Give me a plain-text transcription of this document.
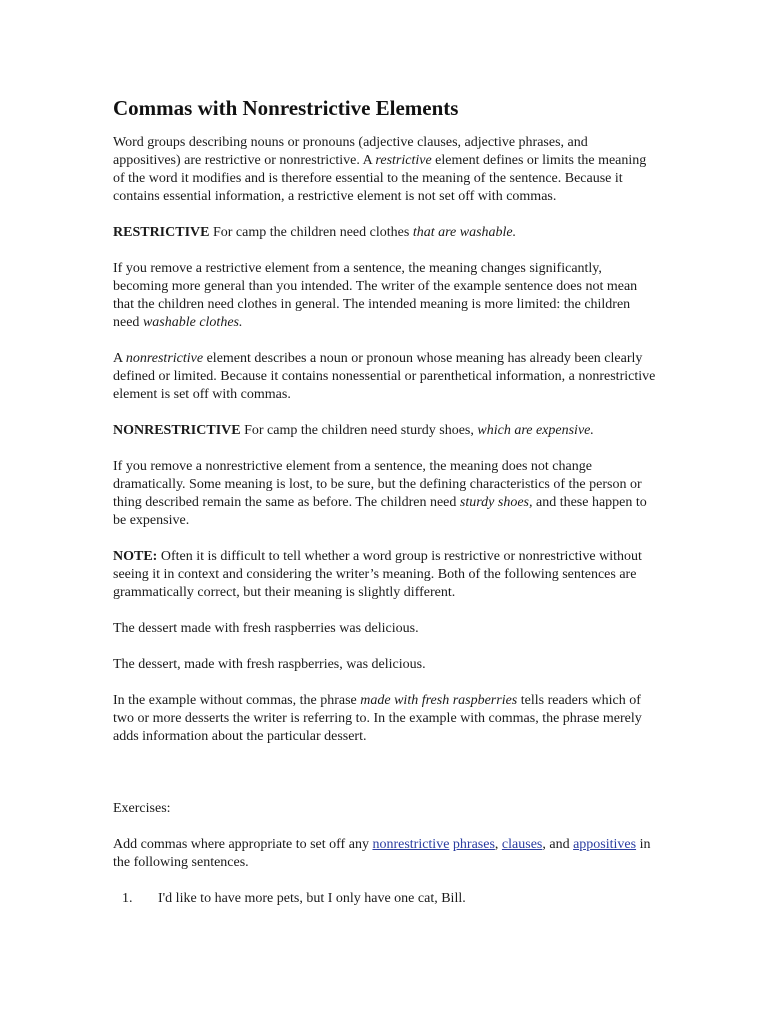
Commas with Nonrestrictive Elements

Word groups describing nouns or pronouns (adjective clauses, adjective phrases, and appositives) are restrictive or nonrestrictive. A restrictive element defines or limits the meaning of the word it modifies and is therefore essential to the meaning of the sentence. Because it contains essential information, a restrictive element is not set off with commas.

RESTRICTIVE For camp the children need clothes that are washable.

If you remove a restrictive element from a sentence, the meaning changes significantly, becoming more general than you intended. The writer of the example sentence does not mean that the children need clothes in general. The intended meaning is more limited: the children need washable clothes.

A nonrestrictive element describes a noun or pronoun whose meaning has already been clearly defined or limited. Because it contains nonessential or parenthetical information, a nonrestrictive element is set off with commas.

NONRESTRICTIVE For camp the children need sturdy shoes, which are expensive.

If you remove a nonrestrictive element from a sentence, the meaning does not change dramatically. Some meaning is lost, to be sure, but the defining characteristics of the person or thing described remain the same as before. The children need sturdy shoes, and these happen to be expensive.

NOTE: Often it is difficult to tell whether a word group is restrictive or nonrestrictive without seeing it in context and considering the writer’s meaning. Both of the following sentences are grammatically correct, but their meaning is slightly different.

The dessert made with fresh raspberries was delicious.

The dessert, made with fresh raspberries, was delicious.

In the example without commas, the phrase made with fresh raspberries tells readers which of two or more desserts the writer is referring to. In the example with commas, the phrase merely adds information about the particular dessert.

Exercises:

Add commas where appropriate to set off any nonrestrictive phrases, clauses, and appositives in the following sentences.

1. I'd like to have more pets, but I only have one cat, Bill.
